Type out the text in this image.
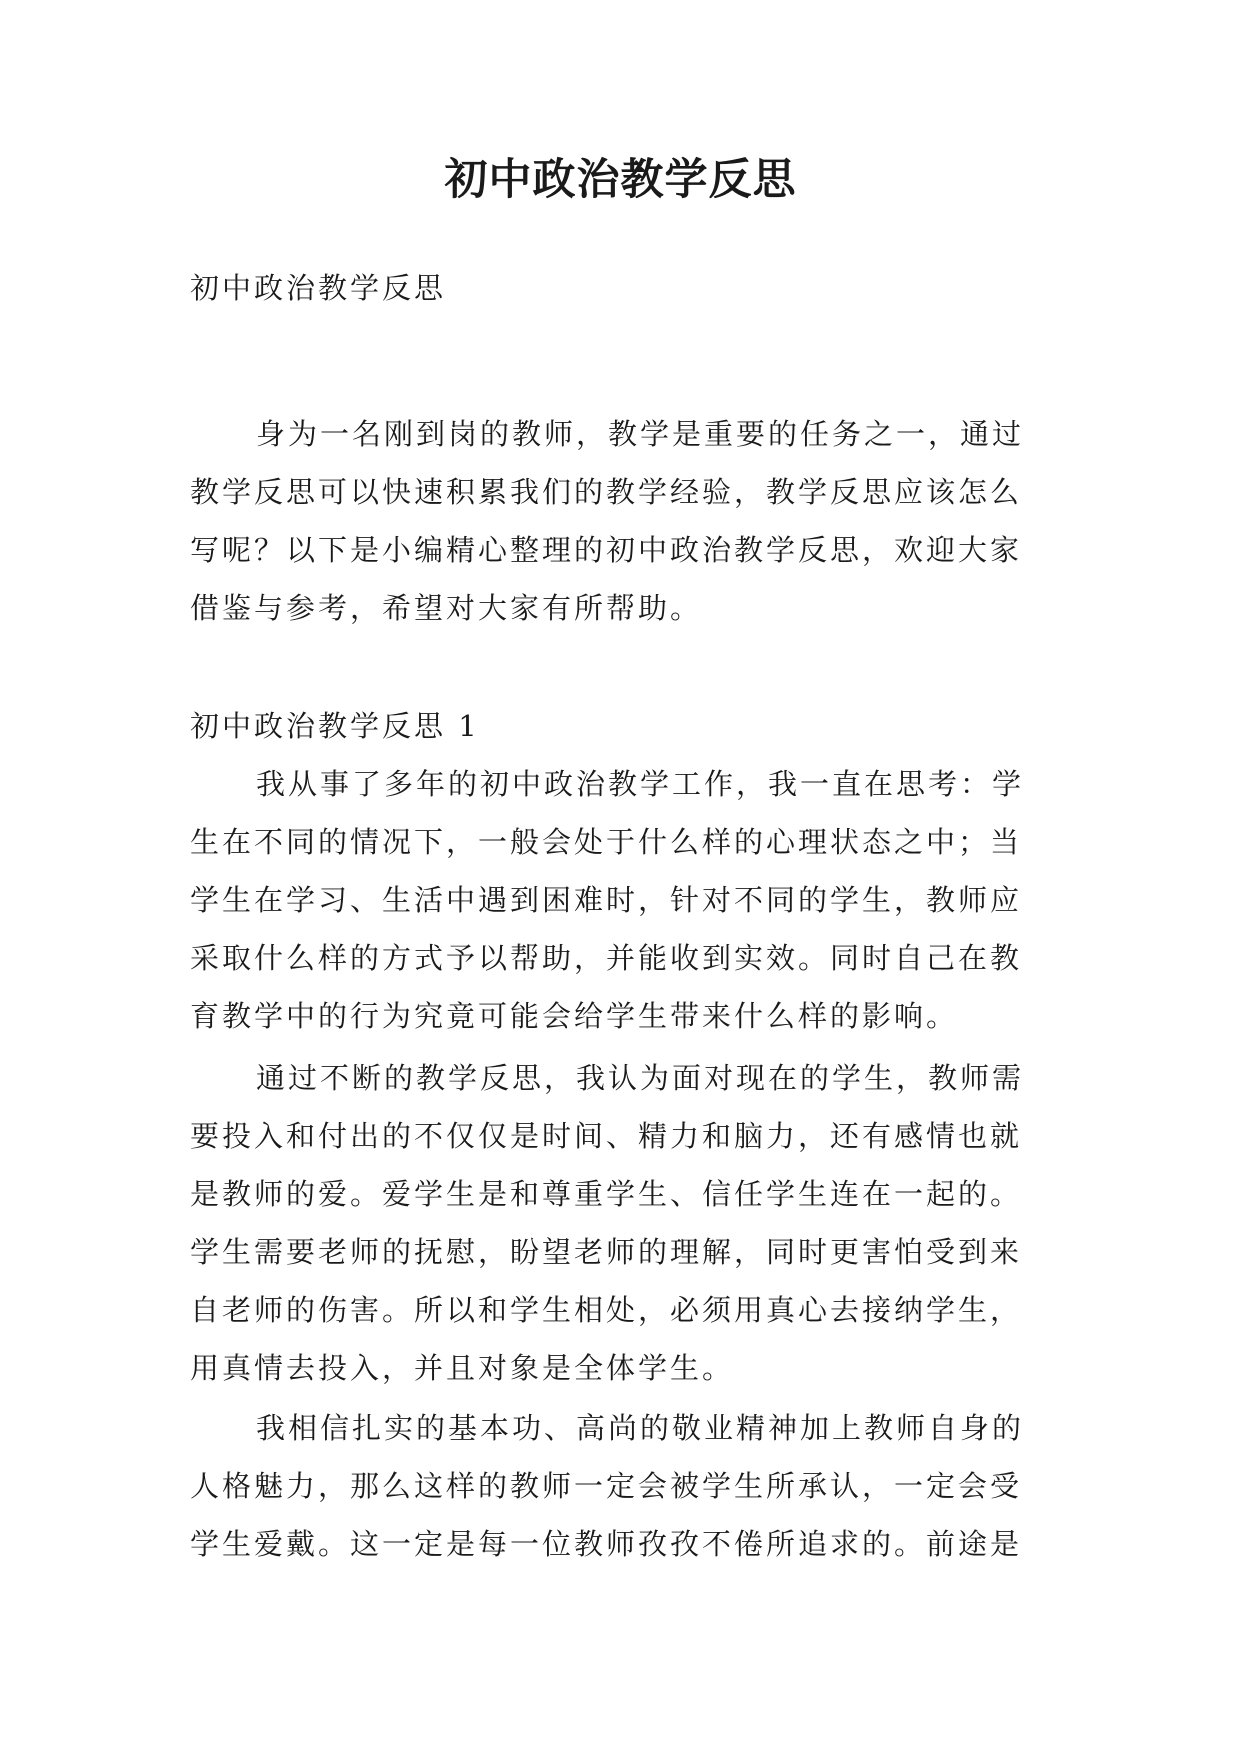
初中政治教学反思
初中政治教学反思
身为一名刚到岗的教师，教学是重要的任务之一，通过
教学反思可以快速积累我们的教学经验，教学反思应该怎么
写呢？以下是小编精心整理的初中政治教学反思，欢迎大家
借鉴与参考，希望对大家有所帮助。
初中政治教学反思 1
我从事了多年的初中政治教学工作，我一直在思考：学
生在不同的情况下，一般会处于什么样的心理状态之中；当
学生在学习、生活中遇到困难时，针对不同的学生，教师应
采取什么样的方式予以帮助，并能收到实效。同时自己在教
育教学中的行为究竟可能会给学生带来什么样的影响。
通过不断的教学反思，我认为面对现在的学生，教师需
要投入和付出的不仅仅是时间、精力和脑力，还有感情也就
是教师的爱。爱学生是和尊重学生、信任学生连在一起的。
学生需要老师的抚慰，盼望老师的理解，同时更害怕受到来
自老师的伤害。所以和学生相处，必须用真心去接纳学生，
用真情去投入，并且对象是全体学生。
我相信扎实的基本功、高尚的敬业精神加上教师自身的
人格魅力，那么这样的教师一定会被学生所承认，一定会受
学生爱戴。这一定是每一位教师孜孜不倦所追求的。前途是
